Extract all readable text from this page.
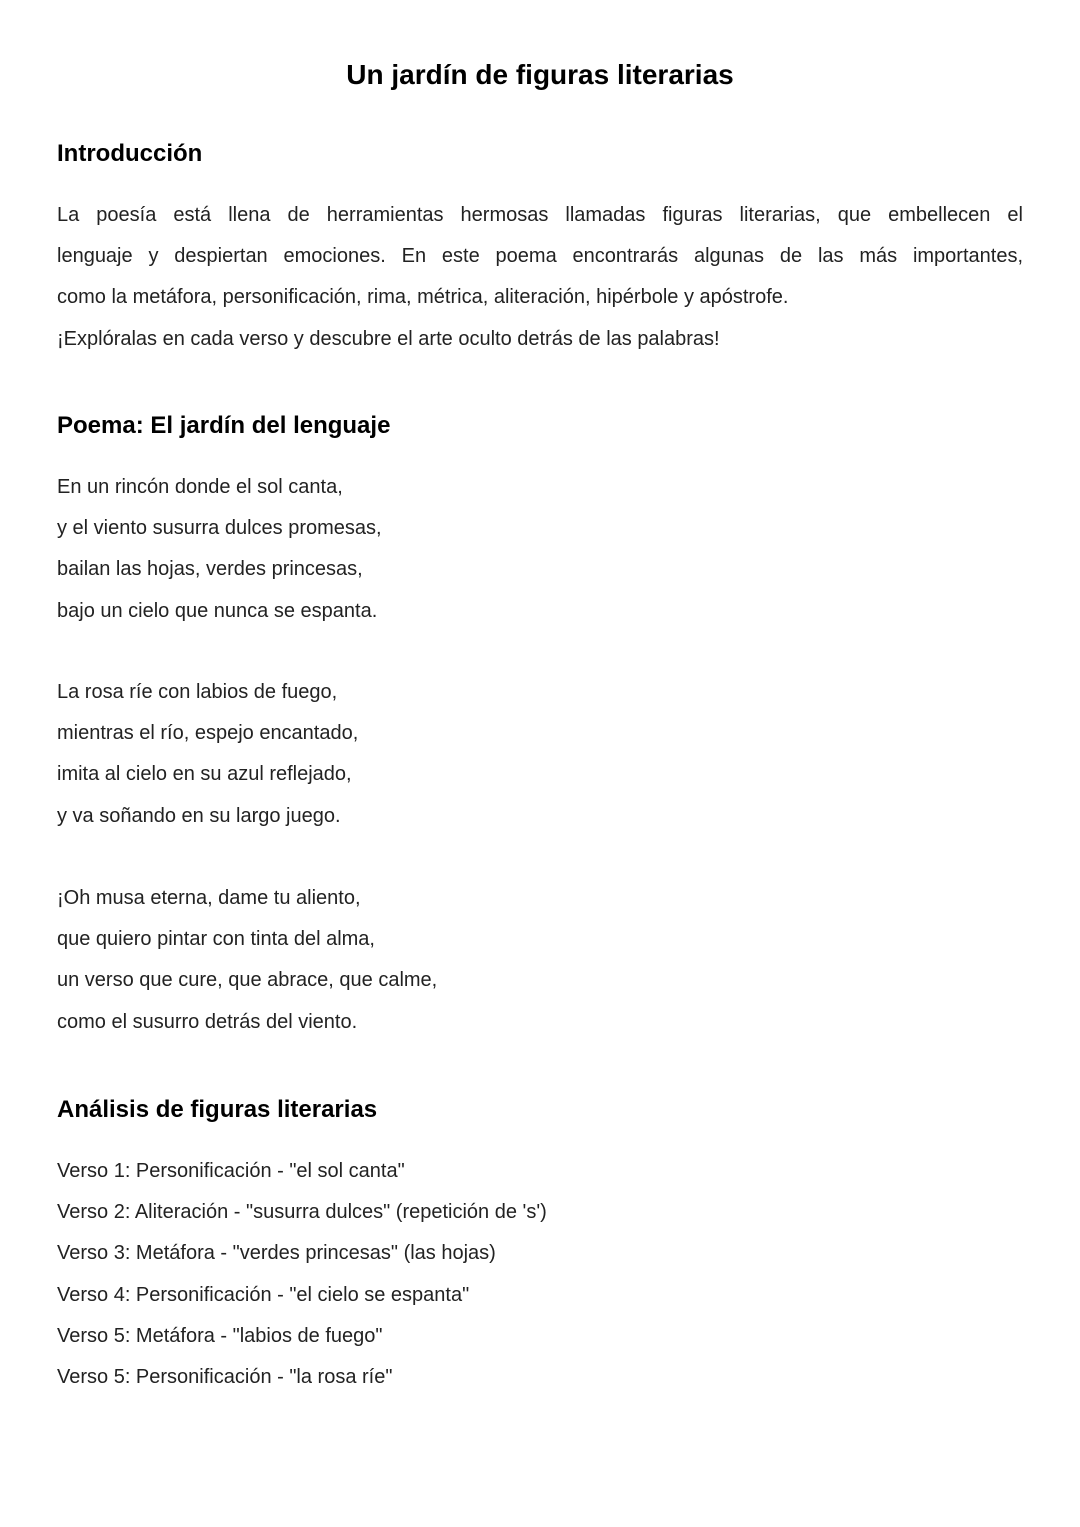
Un jardín de figuras literarias
Introducción

La poesía está llena de herramientas hermosas llamadas figuras literarias, que embellecen el
lenguaje y despiertan emociones. En este poema encontrarás algunas de las más importantes,
como la metáfora, personificación, rima, métrica, aliteración, hipérbole y apóstrofe.
¡Explóralas en cada verso y descubre el arte oculto detrás de las palabras!

Poema: El jardín del lenguaje
En un rincón donde el sol canta,
y el viento susurra dulces promesas,
bailan las hojas, verdes princesas,
bajo un cielo que nunca se espanta.
La rosa ríe con labios de fuego,
mientras el río, espejo encantado,
imita al cielo en su azul reflejado,
y va soñando en su largo juego.
¡Oh musa eterna, dame tu aliento,
que quiero pintar con tinta del alma,
un verso que cure, que abrace, que calme,
como el susurro detrás del viento.
Análisis de figuras literarias
Verso 1: Personificación - "el sol canta"
Verso 2: Aliteración - "susurra dulces" (repetición de 's')
Verso 3: Metáfora - "verdes princesas" (las hojas)
Verso 4: Personificación - "el cielo se espanta"
Verso 5: Metáfora - "labios de fuego"
Verso 5: Personificación - "la rosa ríe"
